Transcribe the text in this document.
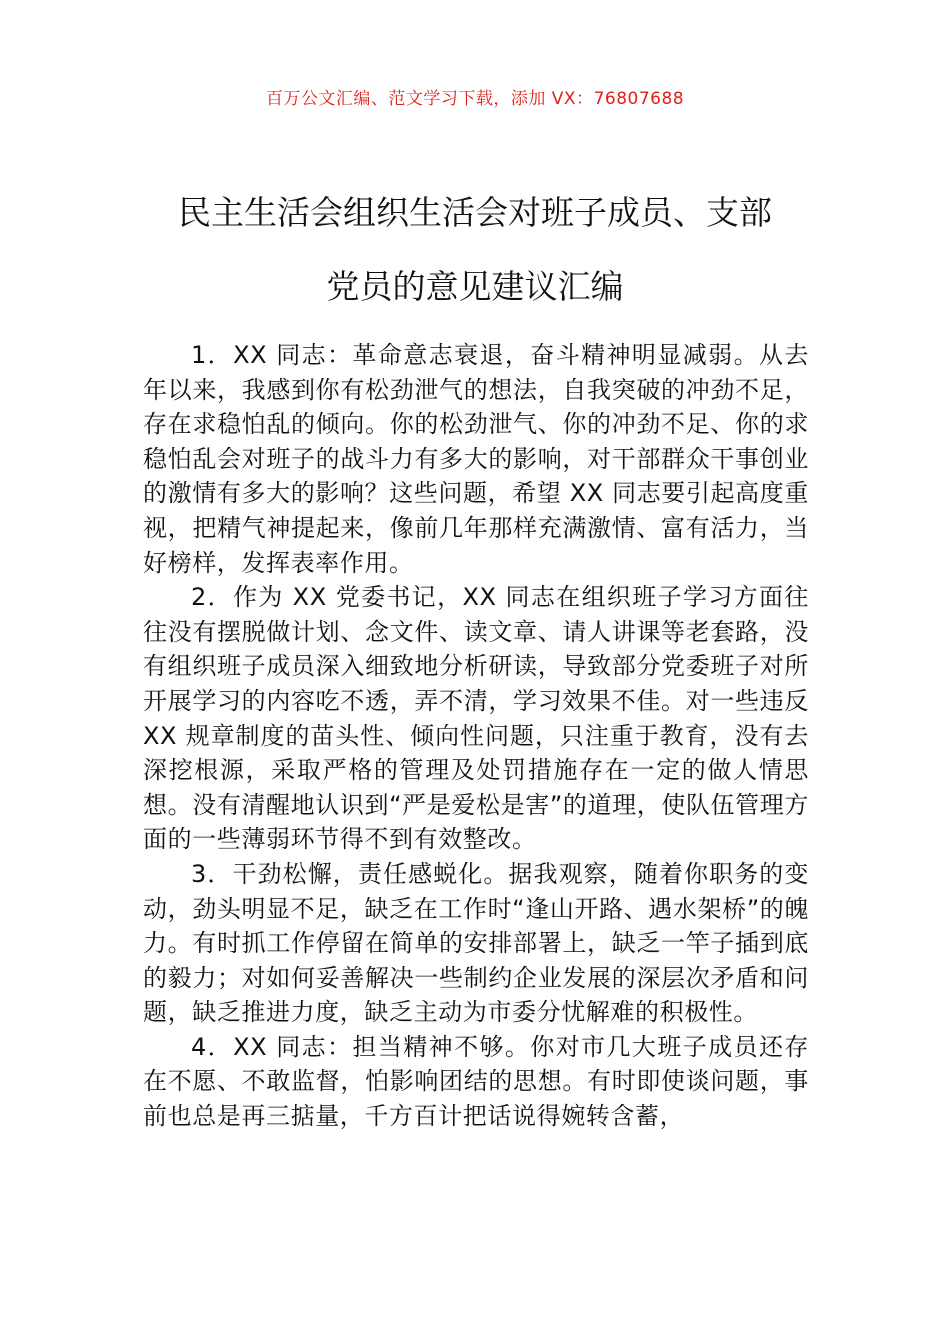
百万公文汇编、范文学习下载，添加 VX：76807688
民主生活会组织生活会对班子成员、支部
党员的意见建议汇编

1．XX 同志：革命意志衰退，奋斗精神明显减弱。从去年以来，我感到你有松劲泄气的想法，自我突破的冲劲不足，存在求稳怕乱的倾向。你的松劲泄气、你的冲劲不足、你的求稳怕乱会对班子的战斗力有多大的影响，对干部群众干事创业的激情有多大的影响？这些问题，希望 XX 同志要引起高度重视，把精气神提起来，像前几年那样充满激情、富有活力，当好榜样，发挥表率作用。

2．作为 XX 党委书记，XX 同志在组织班子学习方面往往没有摆脱做计划、念文件、读文章、请人讲课等老套路，没有组织班子成员深入细致地分析研读，导致部分党委班子对所开展学习的内容吃不透，弄不清，学习效果不佳。对一些违反 XX 规章制度的苗头性、倾向性问题，只注重于教育，没有去深挖根源，采取严格的管理及处罚措施存在一定的做人情思想。没有清醒地认识到“严是爱松是害”的道理，使队伍管理方面的一些薄弱环节得不到有效整改。

3．干劲松懈，责任感蜕化。据我观察，随着你职务的变动，劲头明显不足，缺乏在工作时“逢山开路、遇水架桥”的魄力。有时抓工作停留在简单的安排部署上，缺乏一竿子插到底的毅力；对如何妥善解决一些制约企业发展的深层次矛盾和问题，缺乏推进力度，缺乏主动为市委分忧解难的积极性。

4．XX 同志：担当精神不够。你对市几大班子成员还存在不愿、不敢监督，怕影响团结的思想。有时即使谈问题，事前也总是再三掂量，千方百计把话说得婉转含蓄，
